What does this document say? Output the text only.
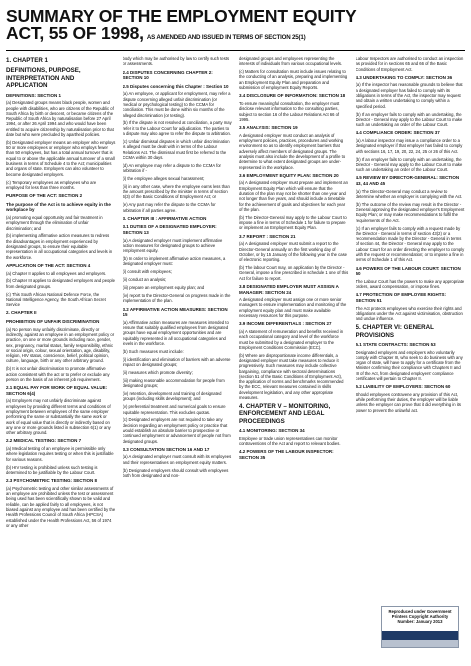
SUMMARY OF THE EMPLOYMENT EQUITY
ACT, 55 OF 1998, AS AMENDED AND ISSUED IN TERMS OF SECTION 25(1)
1. CHAPTER 1
DEFINITIONS, PURPOSE, INTERPRETATION AND APPLICATION
DEFINITIONS: SECTION 1

(a) Designated groups means black people, women and people with disabilities, who are citizens of the Republic of South Africa by birth or descent, or became citizens of the Republic of South Africa by naturalisation before 27 April 1994, or after 26 April 1994 and who would have been entitled to acquire citizenship by naturalisation prior to that date but who were precluded by apartheid policies.

(b) Designated employer means an employer who employs 50 or more employees or employer who employs fewer than 50 employees, but has a total annual turnover that is equal to or above the applicable annual turnover of a small business in terms of Schedule 4 to the Act; municipalities and organs of state. Employers can also volunteer to become designated employers.

(c) Temporary employees as employees who are employed for less than three months.

PURPOSE OF THE ACT: SECTION 2
The purpose of the Act is to achieve equity in the workplace by

(a) promoting equal opportunity and fair treatment in employment through the elimination of unfair discrimination; and

(b) implementing affirmative action measures to redress the disadvantages in employment experienced by designated groups, to ensure their equitable representation in all occupational categories and levels in the workforce.

APPLICATION OF THE ACT: SECTION 4

(a) Chapter II applies to all employees and employers.

(b) Chapter III applies to designated employers and people from designated groups.

(c) This South African National Defence Force, the National Intelligence Agency, the South African Secret Service

2. CHAPTER II
PROHIBITION OF UNFAIR DISCRIMINATION

(a) No person may unfairly discriminate, directly or indirectly, against an employee in an employment policy or practice, on one or more grounds including race, gender, sex, pregnancy, marital status, family responsibility, ethnic or social origin, colour, sexual orientation, age, disability, religion, HIV status, conscience, belief, political opinion, culture, language, birth or any other arbitrary ground.

(b) It is not unfair discrimination to promote affirmative action consistent with the act or to prefer or exclude any person on the basis of an inherent job requirement.

2.1 EQUAL PAY FOR WORK OF EQUAL VALUE: SECTION 6(4)

(a) Employers may not unfairly discriminate against employees by providing different terms and conditions of employment between employees of the same employer performing the same or substantially the same work or work of equal value that is directly or indirectly based on any one or more grounds listed in subsection 6(1) or any other arbitrary ground.

2.2 MEDICAL TESTING: SECTION 7

(a) Medical testing of an employee is permissible only where legislation requires testing or when this is justifiable for various reasons.

(b) HIV testing is prohibited unless such testing is determined to be justifiable by the Labour Court.

2.3 PSYCHOMETRIC TESTING: SECTION 8

(a) Psychometric testing and other similar assessments of an employee are prohibited unless the test or assessment being used has been scientifically shown to be valid and reliable, can be applied fairly to all employees, is not biased against any employee and has been certified by the Health Professions Council of South Africa (HPCSA) established under the Health Professions Act, 56 of 1974 or any other

body which may be authorised by law to certify such tests or assessments.

2.4 DISPUTES CONCERNING CHAPTER 2: SECTION 10
2.5 Disputes concerning this Chapter : Section 10

(a) An employee, or applicant for employment, may refer a dispute concerning alleged unfair discrimination (or medical or psychological testing) to the CCMA for conciliation. This must be done within six months of the alleged discrimination (or testing).

(b) If the dispute is not resolved at conciliation, a party may refer it to the Labour Court for adjudication. The parties to a dispute may also agree to refer the dispute to arbitration.

(c) Unfair dismissal disputes in which unfair discrimination is alleged must be dealt with in terms of the Labour Relations Act. The dismissal must first be referred to the CCMA within 30 days.

(d) An employee may refer a dispute to the CCMA for arbitration if -

(i) the employee alleges sexual harassment;

(ii) in any other case, where the employee earns less than the amount prescribed by the minister in terms of section 6(3) of the Basic Conditions of Employment Act; or

(e) Any part may refer the dispute to the CCMA for arbitration if all parties agree.

3. CHAPTER III : AFFIRMATIVE ACTION
3.1 DUTIES OF A DESIGNATED EMPLOYER: SECTION 13

(a) A designated employer must implement affirmative action measures for designated groups to achieve employment equity.

(b) In order to implement affirmative action measures, a designated employer must:

(i) consult with employees;

(ii) conduct an analysis;

(iii) prepare an employment equity plan; and

(iv) report to the Director-General on progress made in the implementation of the plan.

3.2 AFFIRMATIVE ACTION MEASURES: SECTION 15

(a) Affirmative action measures are measures intended to ensure that suitably qualified employees from designated groups have equal employment opportunities and are equitably represented in all occupational categories and levels in the workforce.

(b) Such measures must include:

(i) identification and elimination of barriers with an adverse impact on designated groups;

(ii) measures which promote diversity;

(iii) making reasonable accommodation for people from designated groups;

(iv) retention, development and training of designated groups (including skills development); and

(v) preferential treatment and numerical goals to ensure equitable representation. This excludes quotas.

(c) Designated employers are not required to take any decision regarding an employment policy or practice that would establish an absolute barrier to prospective or continued employment or advancement of people not from designated groups.

3.3 CONSULTATION SECTION 16 AND 17

(a) A designated employer must consult with its employees and their representatives on employment equity matters.

(b) Designated employers should consult with employees both from designated and non-

designated groups and employees representing the interests of individuals from various occupational levels.

(c) Matters for consultation must include issues relating to the conducting of an analysis, preparing and implementing an Employment Equity Plan and preparation and submission of employment Equity Reports.

3.4 DISCLOSURE OF INFORMATION: SECTION 18

To ensure meaningful consultation, the employer must disclose relevant information to the consulting parties, subject to section 16 of the Labour Relations Act 66 of 1995.

3.5 ANALYSIS: SECTION 19

A designated employer must conduct an analysis of employment policies, practices, procedures and working environment so as to identify employment barriers that adversely affect members of designated groups. The analysis must also include the development of a profile to determine to what extent designated groups are under-represented in the workplace.

3.6 EMPLOYMENT EQUITY PLAN: SECTION 20

(a) A designated employer must prepare and implement an Employment Equity Plan which will ensure that the duration of the plan may not be shorter than one year and not longer than five years, and should include a timetable for the achievement of goals and objectives for each year of the plan.

(b) The Director-General may apply to the Labour Court to impose a fine in terms of Schedule 1 for failure to prepare or implement an Employment Equity Plan.

3.7 REPORT : SECTION 21

(a) A designated employer must submit a report to the Director-General annually on the first working day of October, or by 15 January of the following year in the case of electronic reporting.

(b) The labour Court may, on application by the Director - General, impose a fine prescribed in schedule 1 one of this Act for failure to report.

3.8 DESIGNATED EMPLOYER MUST ASSIGN A MANAGER: SECTION 24

A designated employer must assign one or more senior managers to ensure implementation and monitoring of the employment equity plan and must make available necessary resources for this purpose.

3.9 INCOME DIFFERENTIALS : SECTION 27

(a) A statement of remuneration and benefits received in each occupational category and level of the workforce must be submitted by a designated employer to the Employment Conditions Commission (ECC).

(b) Where are disproportionate income differentials, a designated employer must take measures to reduce it progressively. Such measures may include collective bargaining, compliance with sectoral determinations (section 51 of the Basic Conditions of Employment Act), the application of norms and benchmarks recommended by the ECC, relevant measures contained in skills development legislation, and any other appropriate measures.

4. CHAPTER V – MONITORING, ENFORCEMENT AND LEGAL PROCEEDINGS
4.1 MONITORING: SECTION 34

Employee or trade union representatives can monitor contraventions of the Act and report to relevant bodies.

4.2 POWERS OF THE LABOUR INSPECTOR: SECTION 35

Labour Inspectors are authorised to conduct an inspection as provided for in sections 65 and 66 of the Basic Conditions of Employment Act.

4.3 UNDERTAKING TO COMPLY: SECTION 36

(a) If the inspector has reasonable grounds to believe that a designated employer has failed to comply with its obligations in terms of the Act, the inspector may request and obtain a written undertaking to comply within a specified period.

(b) If an employer fails to comply with an undertaking, the Director - General may apply to the Labour Court to make such an undertaking an order of the Labour Court.

4.4 COMPLIANCE ORDER: SECTION 37

(a) A labour inspector may issue a compliance order to a designated employer if that employer has failed to comply with sections 16, 17, 19, 20, 22, 24, 25 or 26 of this Act.

(b) If an employer fails to comply with an undertaking, the Director - General may apply to the Labour Court to make such an undertaking an order of the Labour Court.

4.5 REVIEW BY DIRECTOR-GENERAL: SECTION 43, 44 AND 45

(a) The Director-General may conduct a review to determine whether an employer is complying with the Act.

(b) The outcome of the review may result in the Director - General approving the designated employer's Employment Equity Plan; or may make recommendations to fulfil the requirements of the Act.

(c) If an employer fails to comply with a request made by the Director - General in terms of section 43(2) or a recommendation made by the Director - General in terms of section 44, the Director - General may apply to the Labour Court for an order directing the employer to comply with the request or recommendation; or to impose a fine in terms of Schedule 1 of this Act.

4.6 POWERS OF THE LABOUR COURT: SECTION 50

The Labour Court has the powers to make any appropriate orders, award compensation, or impose fines.

4.7 PROTECTION OF EMPLOYEE RIGHTS: SECTION 51

The Act protects employees who exercise their rights and obligations under the Act against victimisation, obstruction and undue influence.

5. CHAPTER VI: GENERAL PROVISIONS
5.1 STATE CONTRACTS: SECTION 53

Designated employers and employers who voluntarily comply with Chapter III, who seek to do business with any organ of state, will have to apply for a certificate from the Minister confirming their compliance with Chapters II and III of the Act, from designated employers' compliance certificates will pertain to Chapter II.

5.2 LIABILITY OF EMPLOYERS: SECTION 60

Should employees contravene any provision of this Act, while performing their duties, the employer will be liable unless the employer can prove that it did everything in its power to prevent the unlawful act.

Reproduced under Government Printers Copyright Authority Number: January 2013
